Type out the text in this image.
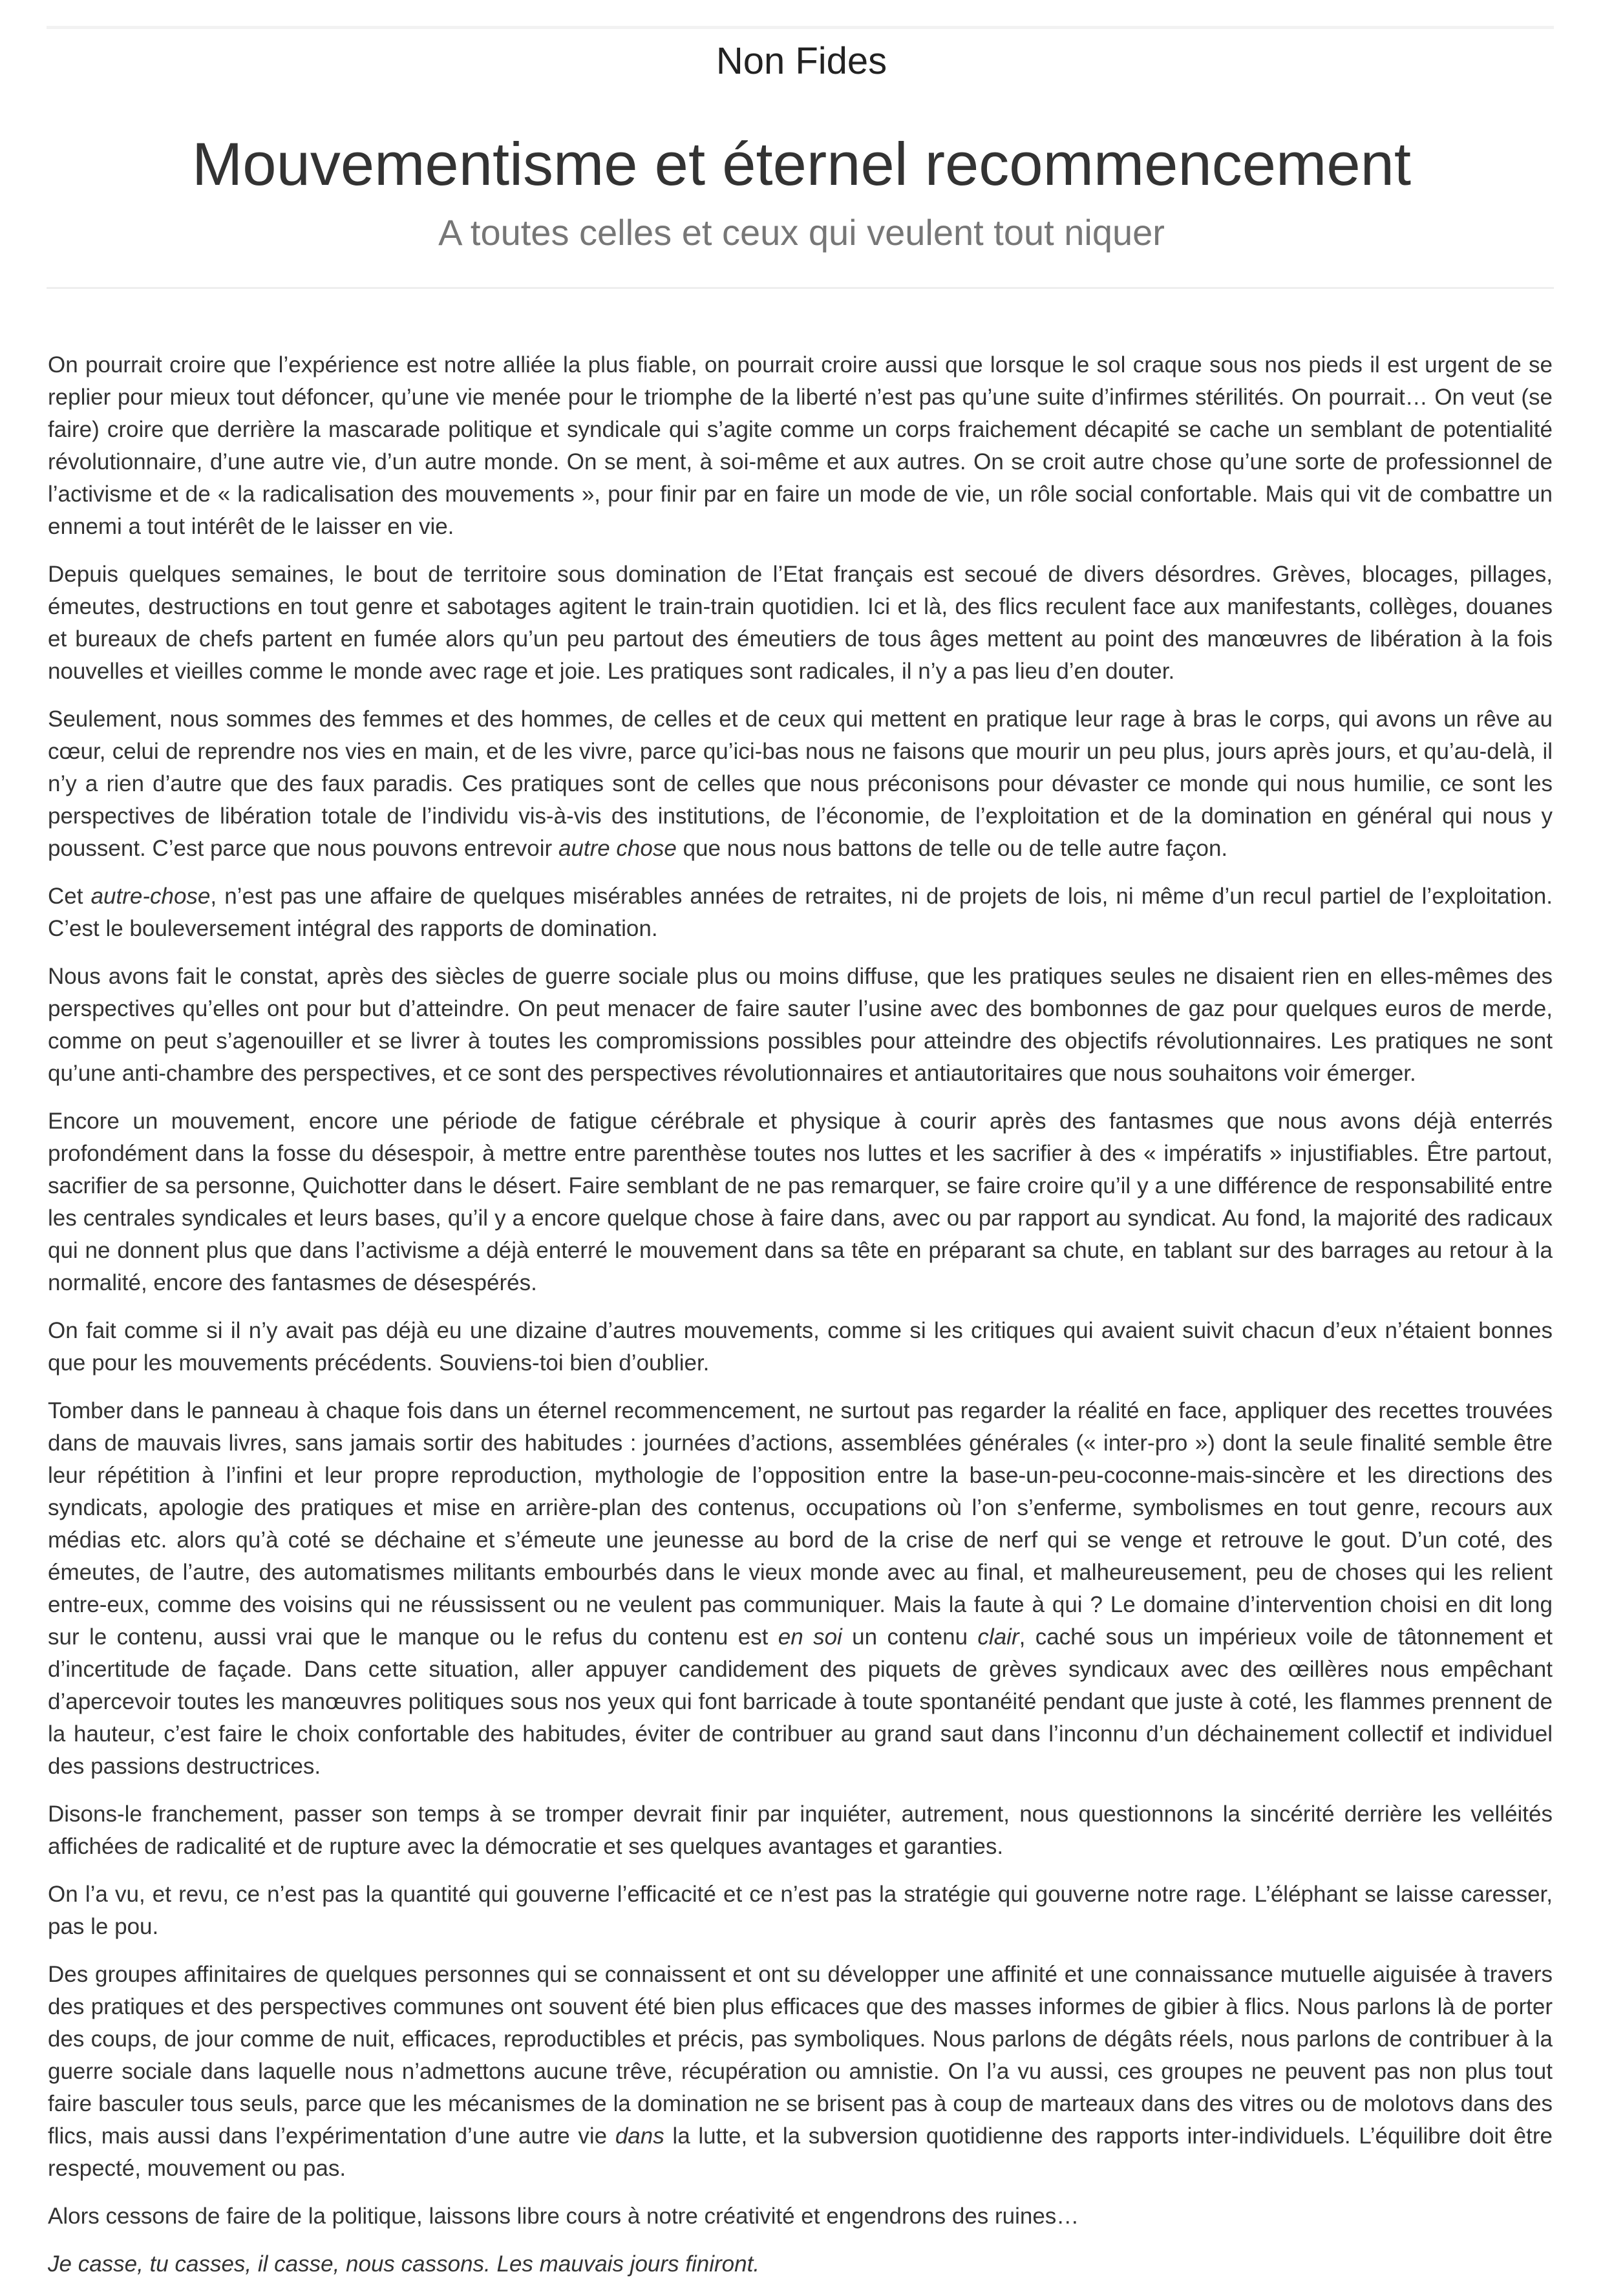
Non Fides
Mouvementisme et éternel recommencement
A toutes celles et ceux qui veulent tout niquer

On pourrait croire que l’expérience est notre alliée la plus fiable, on pourrait croire aussi que lorsque le sol craque sous nos pieds il est urgent de se replier pour mieux tout défoncer, qu’une vie menée pour le triomphe de la liberté n’est pas qu’une suite d’infirmes stérilités. On pourrait… On veut (se faire) croire que derrière la mascarade politique et syndicale qui s’agite comme un corps fraichement décapité se cache un semblant de potentialité révolutionnaire, d’une autre vie, d’un autre monde. On se ment, à soi-même et aux autres. On se croit autre chose qu’une sorte de professionnel de l’activisme et de « la radicalisation des mouvements », pour finir par en faire un mode de vie, un rôle social confortable. Mais qui vit de combattre un ennemi a tout intérêt de le laisser en vie.

Depuis quelques semaines, le bout de territoire sous domination de l’Etat français est secoué de divers désordres. Grèves, blocages, pillages, émeutes, destructions en tout genre et sabotages agitent le train-train quotidien. Ici et là, des flics reculent face aux manifestants, collèges, douanes et bureaux de chefs partent en fumée alors qu’un peu partout des émeutiers de tous âges mettent au point des manœuvres de libération à la fois nouvelles et vieilles comme le monde avec rage et joie. Les pratiques sont radicales, il n’y a pas lieu d’en douter.

Seulement, nous sommes des femmes et des hommes, de celles et de ceux qui mettent en pratique leur rage à bras le corps, qui avons un rêve au cœur, celui de reprendre nos vies en main, et de les vivre, parce qu’ici-bas nous ne faisons que mourir un peu plus, jours après jours, et qu’au-delà, il n’y a rien d’autre que des faux paradis. Ces pratiques sont de celles que nous préconisons pour dévaster ce monde qui nous humilie, ce sont les perspectives de libération totale de l’individu vis-à-vis des institutions, de l’économie, de l’exploitation et de la domination en général qui nous y poussent. C’est parce que nous pouvons entrevoir autre chose que nous nous battons de telle ou de telle autre façon.

Cet autre-chose, n’est pas une affaire de quelques misérables années de retraites, ni de projets de lois, ni même d’un recul partiel de l’exploitation. C’est le bouleversement intégral des rapports de domination.

Nous avons fait le constat, après des siècles de guerre sociale plus ou moins diffuse, que les pratiques seules ne disaient rien en elles-mêmes des perspectives qu’elles ont pour but d’atteindre. On peut menacer de faire sauter l’usine avec des bombonnes de gaz pour quelques euros de merde, comme on peut s’agenouiller et se livrer à toutes les compromissions possibles pour atteindre des objectifs révolutionnaires. Les pratiques ne sont qu’une anti-chambre des perspectives, et ce sont des perspectives révolutionnaires et antiautoritaires que nous souhaitons voir émerger.

Encore un mouvement, encore une période de fatigue cérébrale et physique à courir après des fantasmes que nous avons déjà enterrés profondément dans la fosse du désespoir, à mettre entre parenthèse toutes nos luttes et les sacrifier à des « impératifs » injustifiables. Être partout, sacrifier de sa personne, Quichotter dans le désert. Faire semblant de ne pas remarquer, se faire croire qu’il y a une différence de responsabilité entre les centrales syndicales et leurs bases, qu’il y a encore quelque chose à faire dans, avec ou par rapport au syndicat. Au fond, la majorité des radicaux qui ne donnent plus que dans l’activisme a déjà enterré le mouvement dans sa tête en préparant sa chute, en tablant sur des barrages au retour à la normalité, encore des fantasmes de désespérés.

On fait comme si il n’y avait pas déjà eu une dizaine d’autres mouvements, comme si les critiques qui avaient suivit chacun d’eux n’étaient bonnes que pour les mouvements précédents. Souviens-toi bien d’oublier.

Tomber dans le panneau à chaque fois dans un éternel recommencement, ne surtout pas regarder la réalité en face, appliquer des recettes trouvées dans de mauvais livres, sans jamais sortir des habitudes : journées d’actions, assemblées générales (« inter-pro ») dont la seule finalité semble être leur répétition à l’infini et leur propre reproduction, mythologie de l’opposition entre la base-un-peu-coconne-mais-sincère et les directions des syndicats, apologie des pratiques et mise en arrière-plan des contenus, occupations où l’on s’enferme, symbolismes en tout genre, recours aux médias etc. alors qu’à coté se déchaine et s’émeute une jeunesse au bord de la crise de nerf qui se venge et retrouve le gout. D’un coté, des émeutes, de l’autre, des automatismes militants embourbés dans le vieux monde avec au final, et malheureusement, peu de choses qui les relient entre-eux, comme des voisins qui ne réussissent ou ne veulent pas communiquer. Mais la faute à qui ? Le domaine d’intervention choisi en dit long sur le contenu, aussi vrai que le manque ou le refus du contenu est en soi un contenu clair, caché sous un impérieux voile de tâtonnement et d’incertitude de façade. Dans cette situation, aller appuyer candidement des piquets de grèves syndicaux avec des œillères nous empêchant d’apercevoir toutes les manœuvres politiques sous nos yeux qui font barricade à toute spontanéité pendant que juste à coté, les flammes prennent de la hauteur, c’est faire le choix confortable des habitudes, éviter de contribuer au grand saut dans l’inconnu d’un déchainement collectif et individuel des passions destructrices.

Disons-le franchement, passer son temps à se tromper devrait finir par inquiéter, autrement, nous questionnons la sincérité derrière les velléités affichées de radicalité et de rupture avec la démocratie et ses quelques avantages et garanties.

On l’a vu, et revu, ce n’est pas la quantité qui gouverne l’efficacité et ce n’est pas la stratégie qui gouverne notre rage. L’éléphant se laisse caresser, pas le pou.

Des groupes affinitaires de quelques personnes qui se connaissent et ont su développer une affinité et une connaissance mutuelle aiguisée à travers des pratiques et des perspectives communes ont souvent été bien plus efficaces que des masses informes de gibier à flics. Nous parlons là de porter des coups, de jour comme de nuit, efficaces, reproductibles et précis, pas symboliques. Nous parlons de dégâts réels, nous parlons de contribuer à la guerre sociale dans laquelle nous n’admettons aucune trêve, récupération ou amnistie. On l’a vu aussi, ces groupes ne peuvent pas non plus tout faire basculer tous seuls, parce que les mécanismes de la domination ne se brisent pas à coup de marteaux dans des vitres ou de molotovs dans des flics, mais aussi dans l’expérimentation d’une autre vie dans la lutte, et la subversion quotidienne des rapports inter-individuels. L’équilibre doit être respecté, mouvement ou pas.

Alors cessons de faire de la politique, laissons libre cours à notre créativité et engendrons des ruines…

Je casse, tu casses, il casse, nous cassons. Les mauvais jours finiront.
